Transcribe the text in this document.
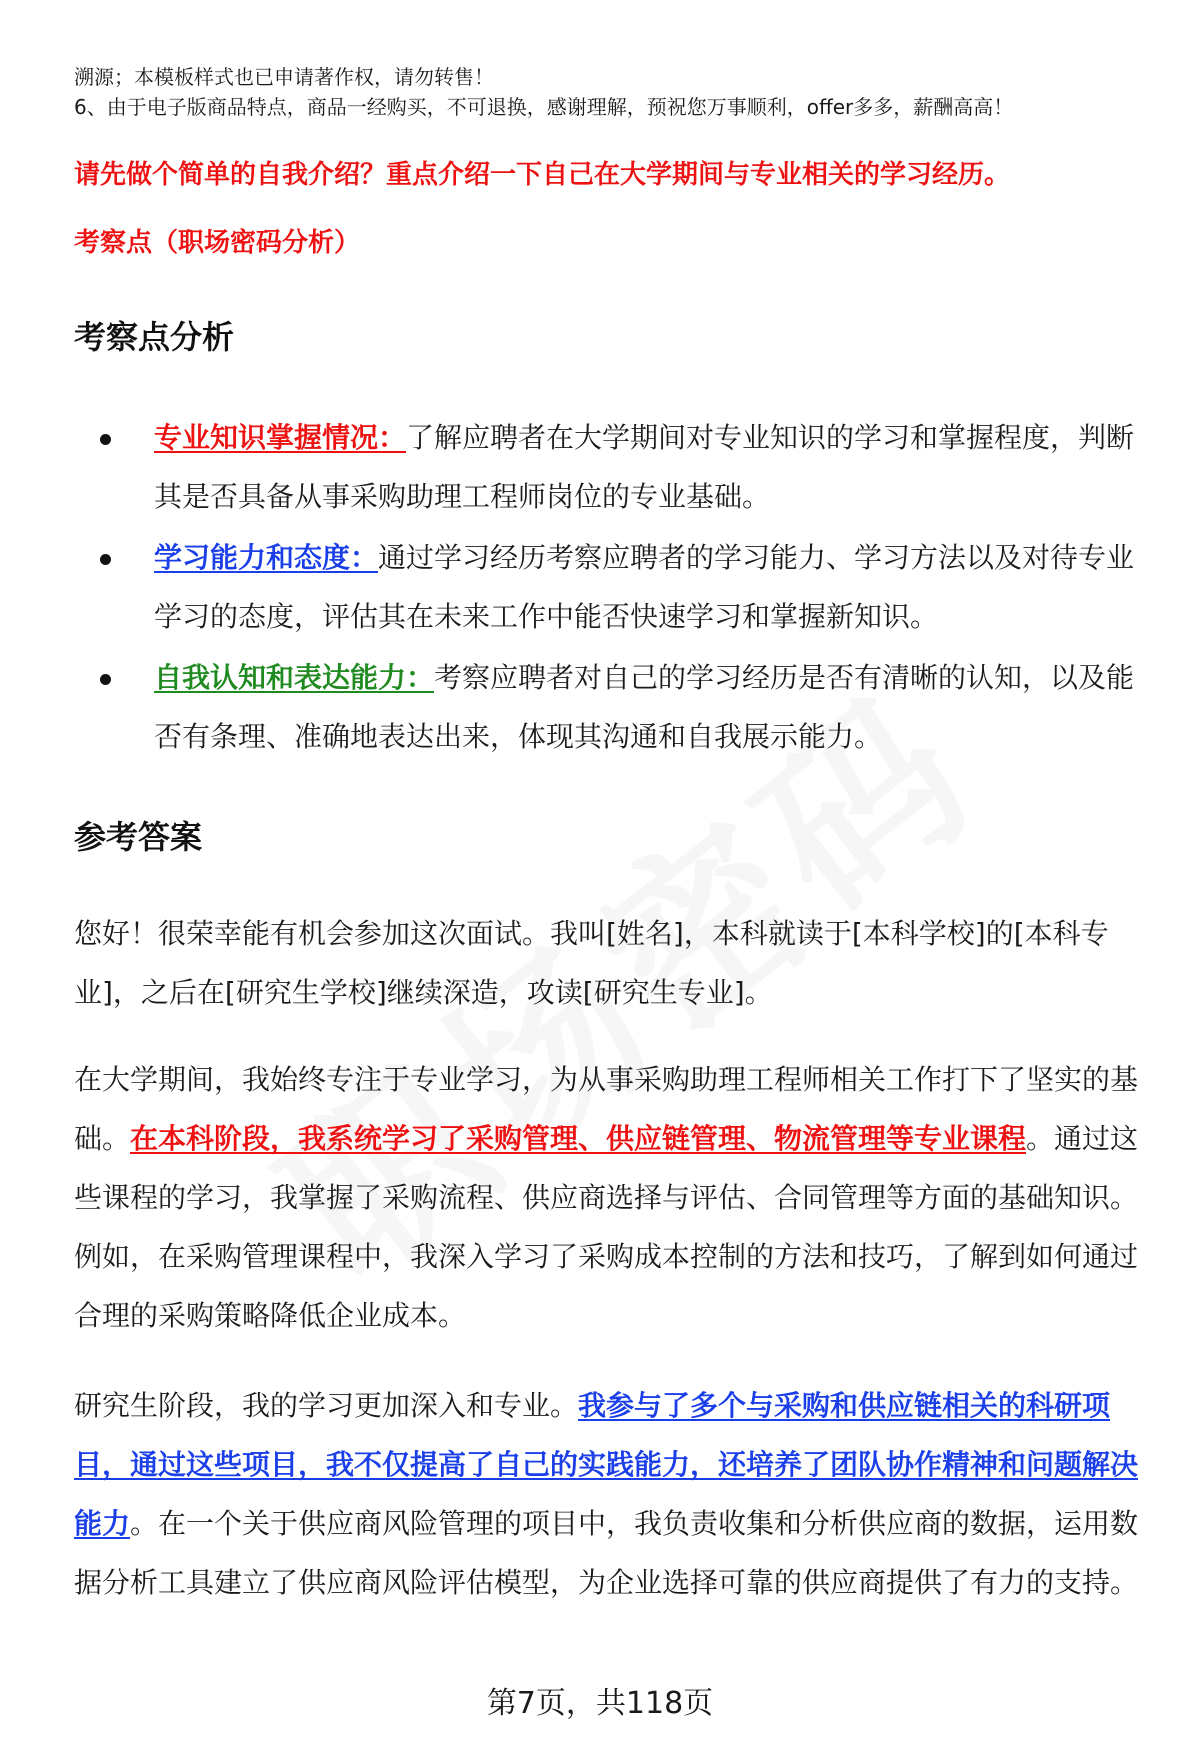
溯源；本模板样式也已申请著作权，请勿转售！

6、由于电子版商品特点，商品一经购买，不可退换，感谢理解，预祝您万事顺利，offer多多，薪酬高高！

请先做个简单的自我介绍？重点介绍一下自己在大学期间与专业相关的学习经历。

考察点（职场密码分析）

考察点分析
专业知识掌握情况：了解应聘者在大学期间对专业知识的学习和掌握程度，判断其是否具备从事采购助理工程师岗位的专业基础。
学习能力和态度：通过学习经历考察应聘者的学习能力、学习方法以及对待专业学习的态度，评估其在未来工作中能否快速学习和掌握新知识。
自我认知和表达能力：考察应聘者对自己的学习经历是否有清晰的认知，以及能否有条理、准确地表达出来，体现其沟通和自我展示能力。
参考答案

您好！很荣幸能有机会参加这次面试。我叫[姓名]，本科就读于[本科学校]的[本科专业]，之后在[研究生学校]继续深造，攻读[研究生专业]。

在大学期间，我始终专注于专业学习，为从事采购助理工程师相关工作打下了坚实的基础。在本科阶段，我系统学习了采购管理、供应链管理、物流管理等专业课程。通过这些课程的学习，我掌握了采购流程、供应商选择与评估、合同管理等方面的基础知识。例如，在采购管理课程中，我深入学习了采购成本控制的方法和技巧，了解到如何通过合理的采购策略降低企业成本。

研究生阶段，我的学习更加深入和专业。我参与了多个与采购和供应链相关的科研项目，通过这些项目，我不仅提高了自己的实践能力，还培养了团队协作精神和问题解决能力。在一个关于供应商风险管理的项目中，我负责收集和分析供应商的数据，运用数据分析工具建立了供应商风险评估模型，为企业选择可靠的供应商提供了有力的支持。

第7页，共118页
